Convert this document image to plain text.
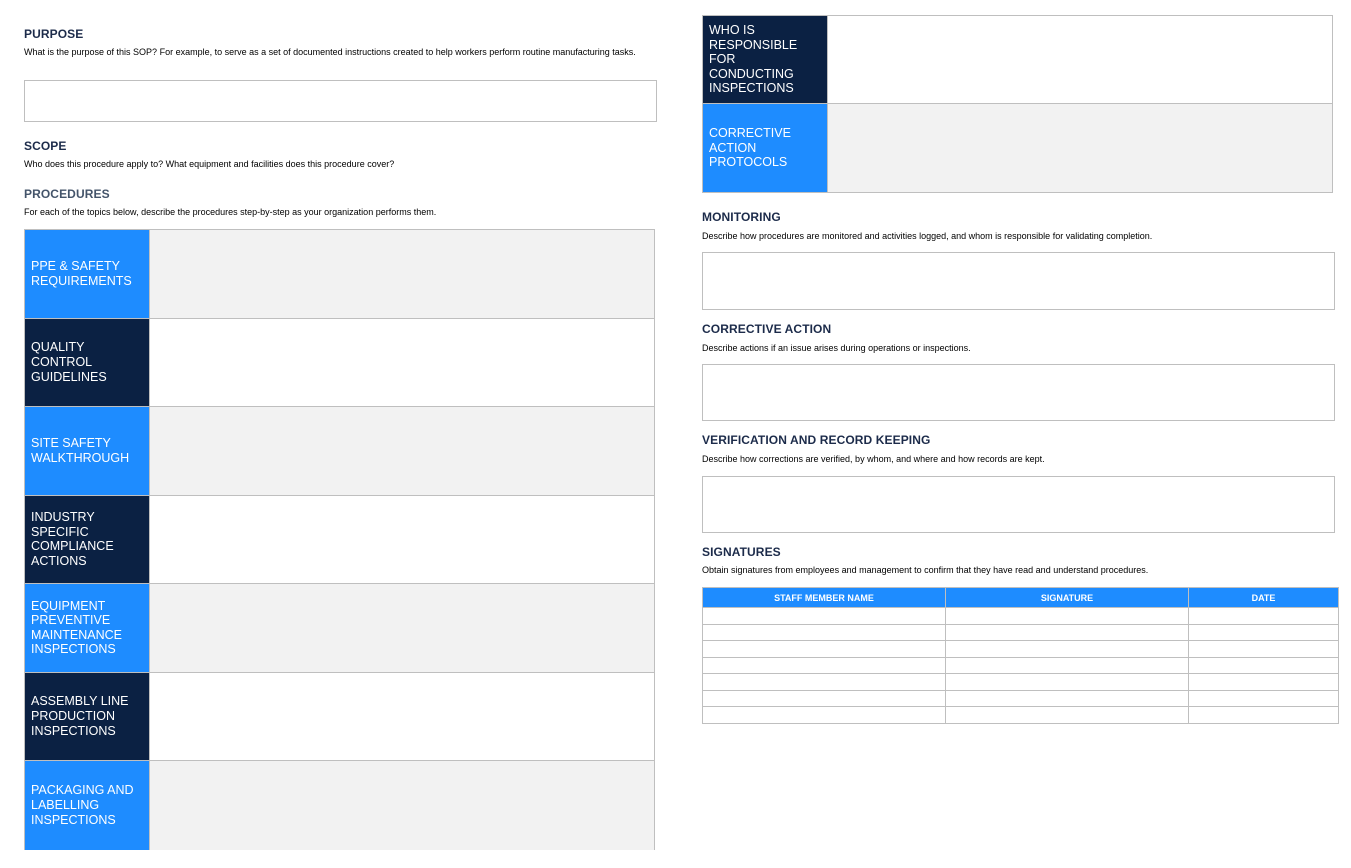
PURPOSE
What is the purpose of this SOP? For example, to serve as a set of documented instructions created to help workers perform routine manufacturing tasks.
SCOPE
Who does this procedure apply to? What equipment and facilities does this procedure cover?
PROCEDURES
For each of the topics below, describe the procedures step-by-step as your organization performs them.
PPE & SAFETY REQUIREMENTS
QUALITY CONTROL GUIDELINES
SITE SAFETY WALKTHROUGH
INDUSTRY SPECIFIC COMPLIANCE ACTIONS
EQUIPMENT PREVENTIVE MAINTENANCE INSPECTIONS
ASSEMBLY LINE PRODUCTION INSPECTIONS
PACKAGING AND LABELLING INSPECTIONS
WHO IS RESPONSIBLE FOR CONDUCTING INSPECTIONS
CORRECTIVE ACTION PROTOCOLS
MONITORING
Describe how procedures are monitored and activities logged, and whom is responsible for validating completion.
CORRECTIVE ACTION
Describe actions if an issue arises during operations or inspections.
VERIFICATION AND RECORD KEEPING
Describe how corrections are verified, by whom, and where and how records are kept.
SIGNATURES
Obtain signatures from employees and management to confirm that they have read and understand procedures.
STAFF MEMBER NAME	SIGNATURE	DATE
